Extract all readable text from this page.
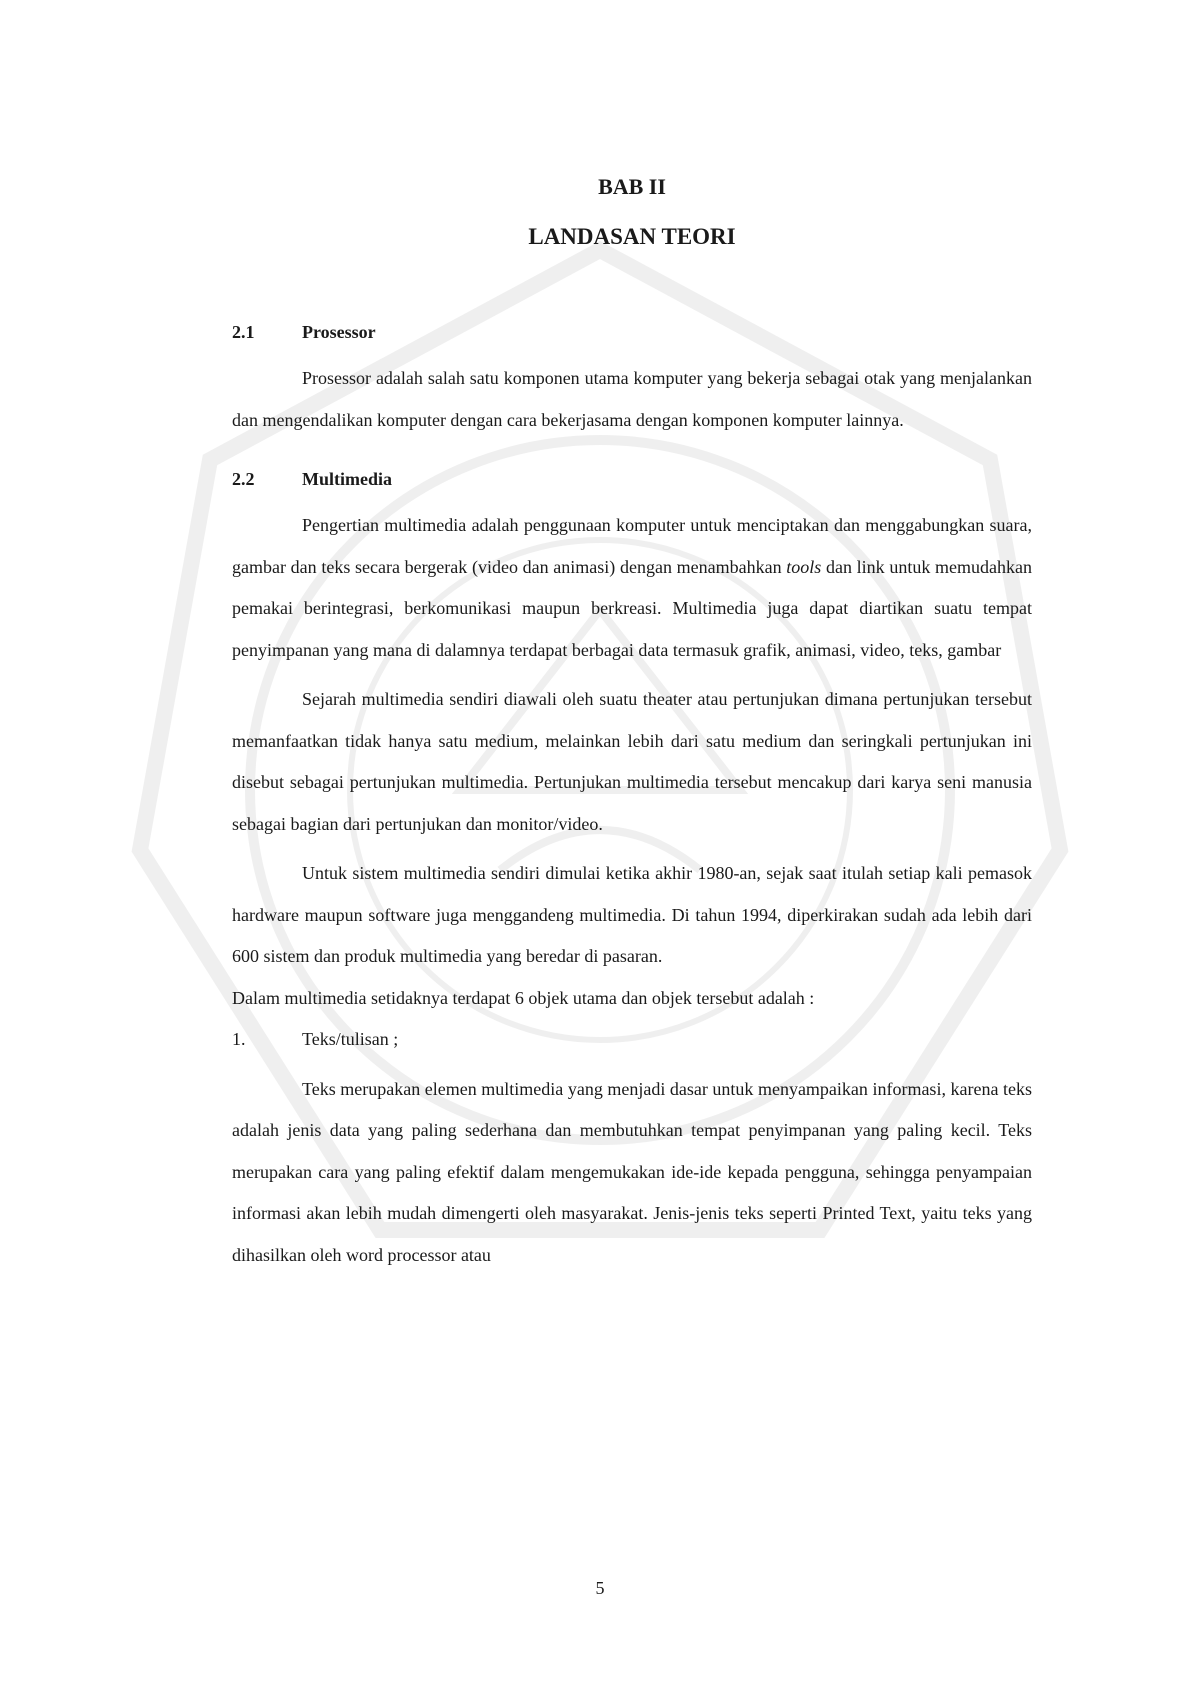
BAB II
LANDASAN TEORI
2.1	Prosessor

Prosessor adalah salah satu komponen utama komputer yang bekerja sebagai otak yang menjalankan dan mengendalikan komputer dengan cara bekerjasama dengan komponen komputer lainnya.

2.2	Multimedia

Pengertian multimedia adalah penggunaan komputer untuk menciptakan dan menggabungkan suara, gambar dan teks secara bergerak (video dan animasi) dengan menambahkan tools dan link untuk memudahkan pemakai berintegrasi, berkomunikasi maupun berkreasi. Multimedia juga dapat diartikan suatu tempat penyimpanan yang mana di dalamnya terdapat berbagai data termasuk grafik, animasi, video, teks, gambar

Sejarah multimedia sendiri diawali oleh suatu theater atau pertunjukan dimana pertunjukan tersebut memanfaatkan tidak hanya satu medium, melainkan lebih dari satu medium dan seringkali pertunjukan ini disebut sebagai pertunjukan multimedia. Pertunjukan multimedia tersebut mencakup dari karya seni manusia sebagai bagian dari pertunjukan dan monitor/video.

Untuk sistem multimedia sendiri dimulai ketika akhir 1980-an, sejak saat itulah setiap kali pemasok hardware maupun software juga menggandeng multimedia. Di tahun 1994, diperkirakan sudah ada lebih dari 600 sistem dan produk multimedia yang beredar di pasaran.

Dalam multimedia setidaknya terdapat 6 objek utama dan objek tersebut adalah :

1.	Teks/tulisan ;

Teks merupakan elemen multimedia yang menjadi dasar untuk menyampaikan informasi, karena teks adalah jenis data yang paling sederhana dan membutuhkan tempat penyimpanan yang paling kecil. Teks merupakan cara yang paling efektif dalam mengemukakan ide-ide kepada pengguna, sehingga penyampaian informasi akan lebih mudah dimengerti oleh masyarakat. Jenis-jenis teks seperti Printed Text, yaitu teks yang dihasilkan oleh word processor atau

5
